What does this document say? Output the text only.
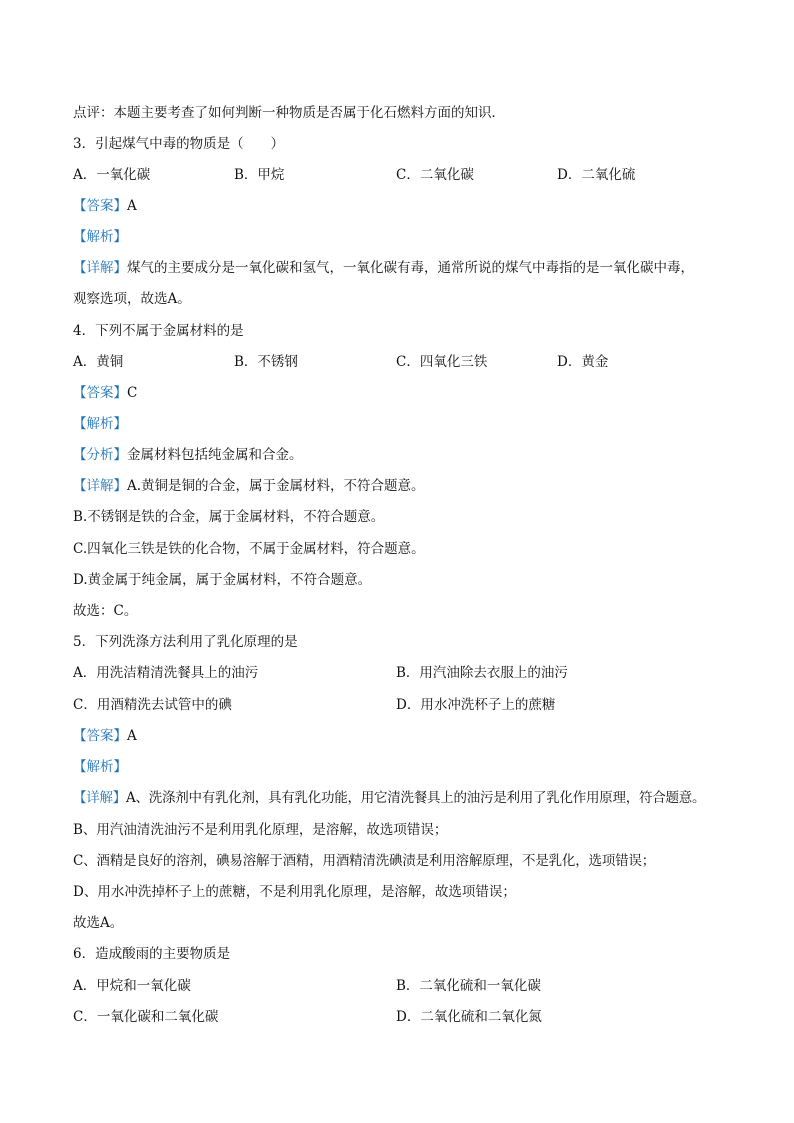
点评：本题主要考查了如何判断一种物质是否属于化石燃料方面的知识．
3．引起煤气中毒的物质是（　　）
A．一氧化碳	B．甲烷	C．二氧化碳	D．二氧化硫
【答案】A
【解析】
【详解】煤气的主要成分是一氧化碳和氢气，一氧化碳有毒，通常所说的煤气中毒指的是一氧化碳中毒，
观察选项，故选A。
4．下列不属于金属材料的是
A．黄铜	B．不锈钢	C．四氧化三铁	D．黄金
【答案】C
【解析】
【分析】金属材料包括纯金属和合金。
【详解】A.黄铜是铜的合金，属于金属材料，不符合题意。
B.不锈钢是铁的合金，属于金属材料，不符合题意。
C.四氧化三铁是铁的化合物，不属于金属材料，符合题意。
D.黄金属于纯金属，属于金属材料，不符合题意。
故选：C。
5．下列洗涤方法利用了乳化原理的是
A．用洗洁精清洗餐具上的油污	B．用汽油除去衣服上的油污
C．用酒精洗去试管中的碘	D．用水冲洗杯子上的蔗糖
【答案】A
【解析】
【详解】A、洗涤剂中有乳化剂，具有乳化功能，用它清洗餐具上的油污是利用了乳化作用原理，符合题意。
B、用汽油清洗油污不是利用乳化原理，是溶解，故选项错误；
C、酒精是良好的溶剂，碘易溶解于酒精，用酒精清洗碘渍是利用溶解原理，不是乳化，选项错误；
D、用水冲洗掉杯子上的蔗糖，不是利用乳化原理，是溶解，故选项错误；
故选A。
6．造成酸雨的主要物质是
A．甲烷和一氧化碳	B．二氧化硫和一氧化碳
C．一氧化碳和二氧化碳	D．二氧化硫和二氧化氮
